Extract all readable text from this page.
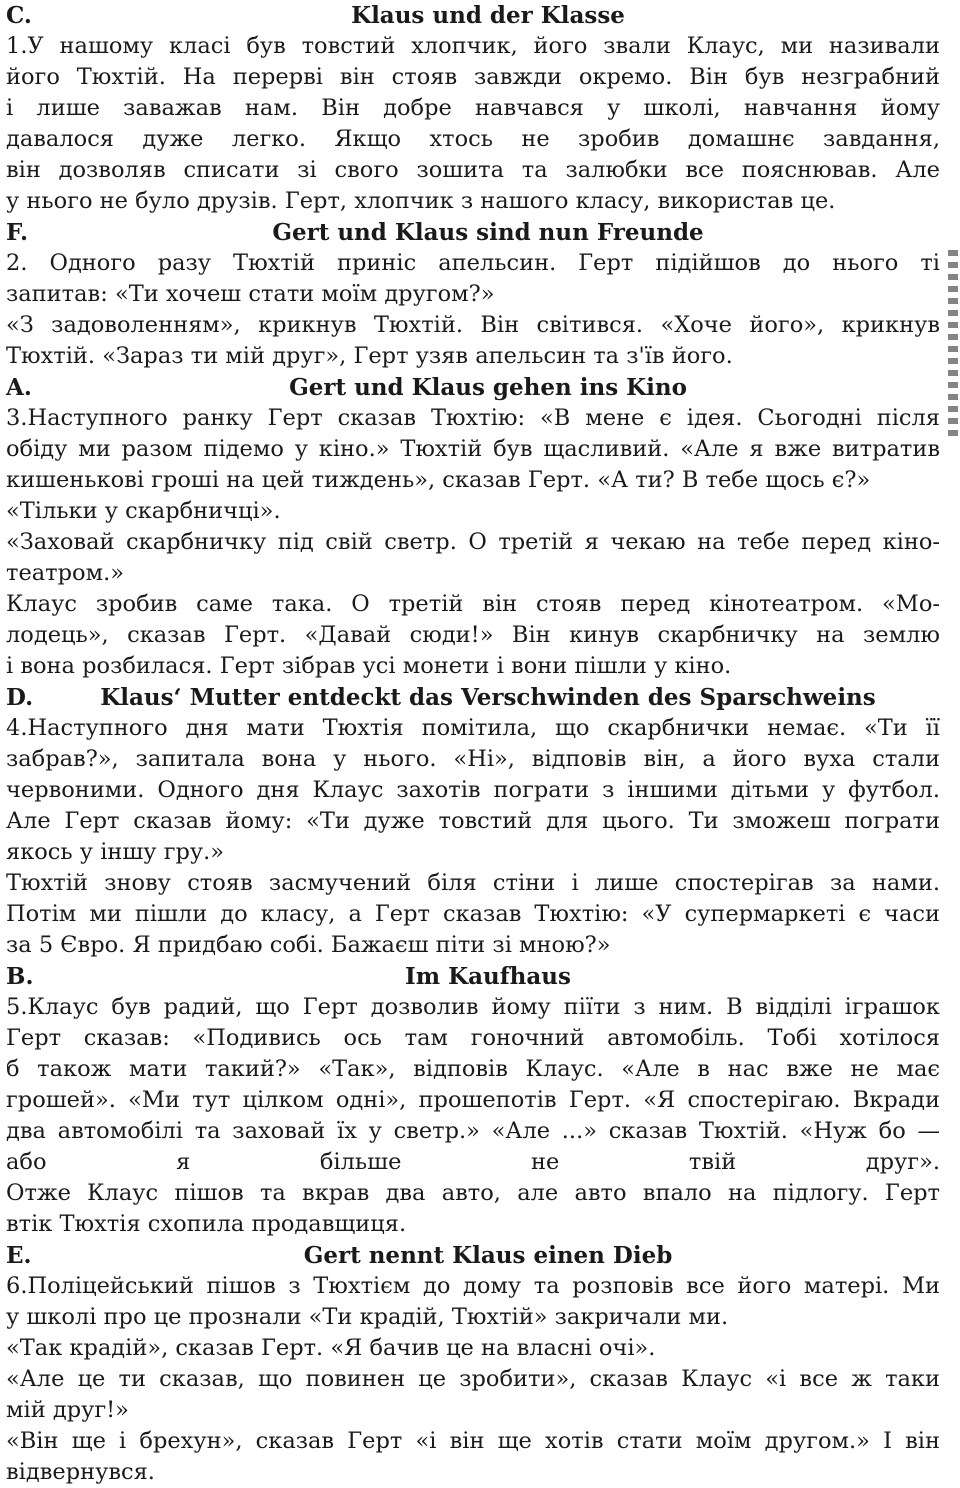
C.	Klaus und der Klasse

1.У нашому класі був товстий хлопчик, його звали Клаус, ми називали
його Тюхтій. На перерві він стояв завжди окремо. Він був незграбний
і лише заважав нам. Він добре навчався у школі, навчання йому
давалося дуже легко. Якщо хтось не зробив домашнє завдання,
він дозволяв списати зі свого зошита та залюбки все пояснював. Але
у нього не було друзів. Герт, хлопчик з нашого класу, використав це.

F.	Gert und Klaus sind nun Freunde

2. Одного разу Тюхтій приніс апельсин. Герт підійшов до нього ті
запитав: «Ти хочеш стати моїм другом?»
«З задоволенням», крикнув Тюхтій. Він світився. «Хоче його», крикнув
Тюхтій. «Зараз ти мій друг», Герт узяв апельсин та з'їв його.

A.	Gert und Klaus gehen ins Kino

3.Наступного ранку Герт сказав Тюхтію: «В мене є ідея. Сьогодні після
обіду ми разом підемо у кіно.» Тюхтій був щасливий. «Але я вже витратив
кишенькові гроші на цей тиждень», сказав Герт. «А ти? В тебе щось є?»
«Тільки у скарбничці».
«Заховай скарбничку під свій светр. О третій я чекаю на тебе перед кіно-
театром.»
Клаус зробив саме така. О третій він стояв перед кінотеатром. «Мо-
лодець», сказав Герт. «Давай сюди!» Він кинув скарбничку на землю
і вона розбилася. Герт зібрав усі монети і вони пішли у кіно.

D.	Klaus‘ Mutter entdeckt das Verschwinden des Sparschweins

4.Наступного дня мати Тюхтія помітила, що скарбнички немає. «Ти її
забрав?», запитала вона у нього. «Ні», відповів він, а його вуха стали
червоними. Одного дня Клаус захотів пограти з іншими дітьми у футбол.
Але Герт сказав йому: «Ти дуже товстий для цього. Ти зможеш пограти
якось у іншу гру.»
Тюхтій знову стояв засмучений біля стіни і лише спостерігав за нами.
Потім ми пішли до класу, а Герт сказав Тюхтію: «У супермаркеті є часи
за 5 Євро. Я придбаю собі. Бажаєш піти зі мною?»

B.	Im Kaufhaus

5.Клаус був радий, що Герт дозволив йому піїти з ним. В відділі іграшок
Герт сказав: «Подивись ось там гоночний автомобіль. Тобі хотілося
б також мати такий?» «Так», відповів Клаус. «Але в нас вже не має
грошей». «Ми тут цілком одні», прошепотів Герт. «Я спостерігаю. Вкради
два автомобілі та заховай їх у светр.» «Але ...» сказав Тюхтій. «Нуж бо —
або я більше не твій друг».
Отже Клаус пішов та вкрав два авто, але авто впало на підлогу. Герт
втік Тюхтія схопила продавщиця.

E.	Gert nennt Klaus einen Dieb

6.Поліцейський пішов з Тюхтієм до дому та розповів все його матері. Ми
у школі про це прознали «Ти крадій, Тюхтій» закричали ми.
«Так крадій», сказав Герт. «Я бачив це на власні очі».
«Але це ти сказав, що повинен це зробити», сказав Клаус «і все ж таки
мій друг!»
«Він ще і брехун», сказав Герт «і він ще хотів стати моїм другом.» І він
відвернувся.
